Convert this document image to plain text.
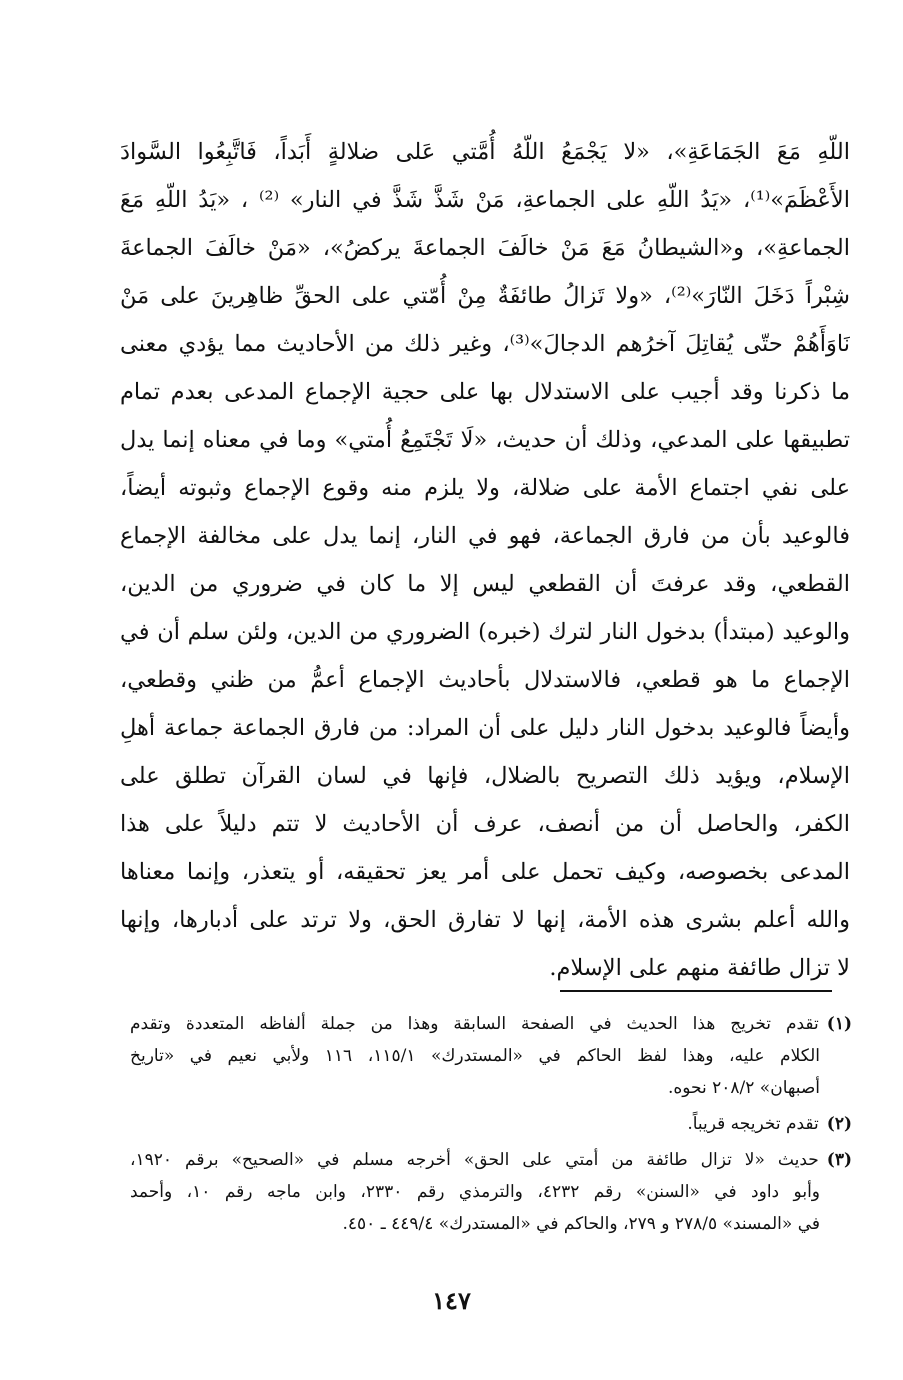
اللّهِ مَعَ الجَمَاعَةِ»، «لا يَجْمَعُ اللّهُ أُمَّتي عَلى ضلالةٍ أَبَداً، فَاتَّبِعُوا السَّوادَ
الأَعْظَمَ»⁽¹⁾، «يَدُ اللّهِ على الجماعةِ، مَنْ شَذَّ شَذَّ في النار» ⁽²⁾ ، «يَدُ اللّهِ مَعَ
الجماعةِ»، و«الشيطانُ مَعَ مَنْ خالَفَ الجماعةَ يركضُ»، «مَنْ خالَفَ الجماعةَ
شِبْراً دَخَلَ النّارَ»⁽²⁾، «ولا تَزالُ طائفَةٌ مِنْ أُمّتي على الحقِّ ظاهِرينَ على مَنْ
نَاوَأَهُمْ حتّى يُقاتِلَ آخرُهم الدجالَ»⁽³⁾، وغير ذلك من الأحاديث مما يؤدي معنى
ما ذكرنا وقد أجيب على الاستدلال بها على حجية الإجماع المدعى بعدم تمام
تطبيقها على المدعي، وذلك أن حديث، «لَا تَجْتَمِعُ أُمتي» وما في معناه إنما يدل
على نفي اجتماع الأمة على ضلالة، ولا يلزم منه وقوع الإجماع وثبوته أيضاً،
فالوعيد بأن من فارق الجماعة، فهو في النار، إنما يدل على مخالفة الإجماع
القطعي، وقد عرفتَ أن القطعي ليس إلا ما كان في ضروري من الدين،
والوعيد (مبتدأ) بدخول النار لترك (خبره) الضروري من الدين، ولئن سلم أن في
الإجماع ما هو قطعي، فالاستدلال بأحاديث الإجماع أعمُّ من ظني وقطعي،
وأيضاً فالوعيد بدخول النار دليل على أن المراد: من فارق الجماعة جماعة أهلِ
الإسلام، ويؤيد ذلك التصريح بالضلال، فإنها في لسان القرآن تطلق على
الكفر، والحاصل أن من أنصف، عرف أن الأحاديث لا تتم دليلاً على هذا
المدعى بخصوصه، وكيف تحمل على أمر يعز تحقيقه، أو يتعذر، وإنما معناها
والله أعلم بشرى هذه الأمة، إنها لا تفارق الحق، ولا ترتد على أدبارها، وإنها
لا تزال طائفة منهم على الإسلام.
(١)تقدم تخريج هذا الحديث في الصفحة السابقة وهذا من جملة ألفاظه المتعددة وتقدم
الكلام عليه، وهذا لفظ الحاكم في «المستدرك» ١١٥/١، ١١٦ ولأبي نعيم في «تاريخ
أصبهان» ٢٠٨/٢ نحوه.
(٢)تقدم تخريجه قريباً.
(٣)حديث «لا تزال طائفة من أمتي على الحق» أخرجه مسلم في «الصحيح» برقم ١٩٢٠،
وأبو داود في «السنن» رقم ٤٢٣٢، والترمذي رقم ٢٣٣٠، وابن ماجه رقم ١٠، وأحمد
في «المسند» ٢٧٨/٥ و ٢٧٩، والحاكم في «المستدرك» ٤٤٩/٤ ـ ٤٥٠.
١٤٧
